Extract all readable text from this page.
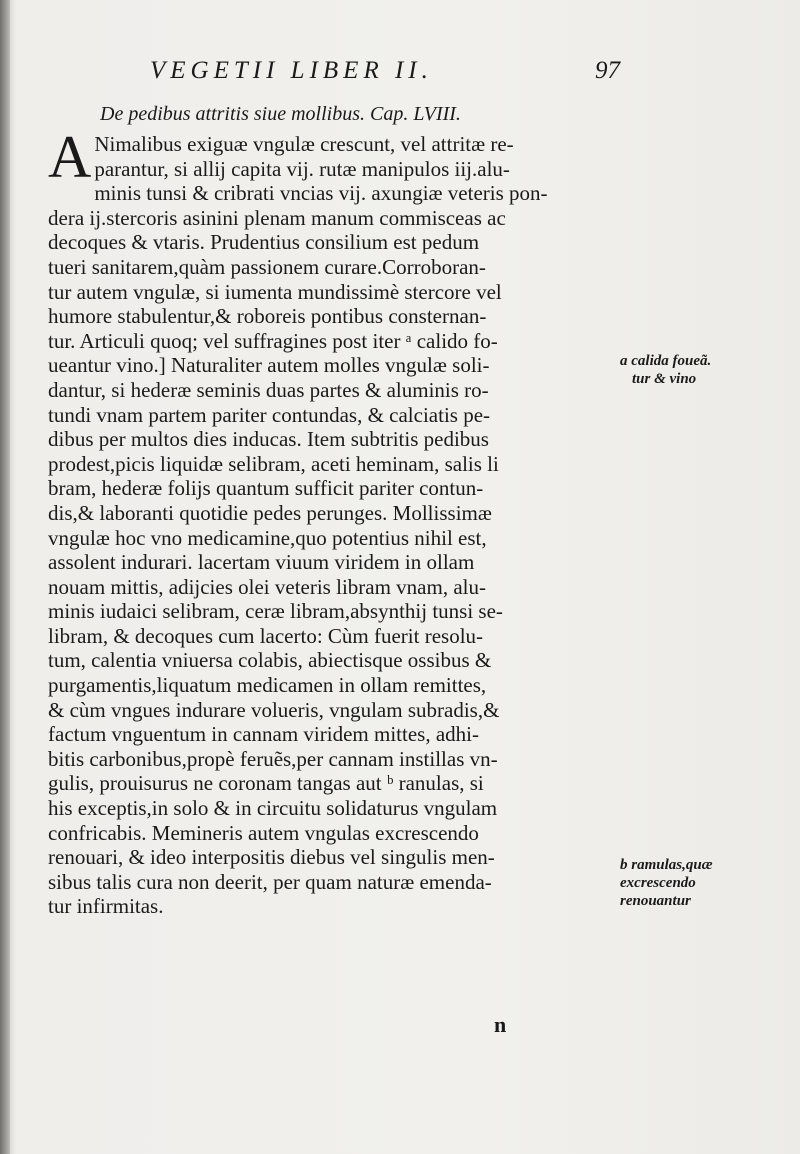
VEGETII LIBER II.	97
De pedibus attritis siue mollibus. Cap. LVIII.
A Nimalibus exiguæ vngulæ crescunt, vel attritæ re-
parantur, si allij capita vij. rutæ manipulos iij.alu-
minis tunsi & cribrati vncias vij. axungiæ veteris pon-
dera ij.stercoris asinini plenam manum commisceas ac
decoques & vtaris. Prudentius consilium est pedum
tueri sanitarem,quàm passionem curare.Corroboran-
tur autem vngulæ, si iumenta mundissimè stercore vel
humore stabulentur,& roboreis pontibus consternan-
tur. Articuli quoq; vel suffragines post iter ᵃ calido fo-
ueantur vino.] Naturaliter autem molles vngulæ soli-
dantur, si hederæ seminis duas partes & aluminis ro-
tundi vnam partem pariter contundas, & calciatis pe-
dibus per multos dies inducas. Item subtritis pedibus
prodest,picis liquidæ selibram, aceti heminam, salis li
bram, hederæ folijs quantum sufficit pariter contun-
dis,& laboranti quotidie pedes perunges. Mollissimæ
vngulæ hoc vno medicamine,quo potentius nihil est,
assolent indurari. lacertam viuum viridem in ollam
nouam mittis, adijcies olei veteris libram vnam, alu-
minis iudaici selibram, ceræ libram,absynthij tunsi se-
libram, & decoques cum lacerto: Cùm fuerit resolu-
tum, calentia vniuersa colabis, abiectisque ossibus &
purgamentis,liquatum medicamen in ollam remittes,
& cùm vngues indurare volueris, vngulam subradis,&
factum vnguentum in cannam viridem mittes, adhi-
bitis carbonibus,propè feruẽs,per cannam instillas vn-
gulis, prouisurus ne coronam tangas aut ᵇ ranulas, si
his exceptis,in solo & in circuitu solidaturus vngulam
confricabis. Memineris autem vngulas excrescendo
renouari, & ideo interpositis diebus vel singulis men-
sibus talis cura non deerit, per quam naturæ emenda-
tur infirmitas.
a calida foueã.
tur & vino
b ramulas,quæ
excrescendo
renouantur
n
